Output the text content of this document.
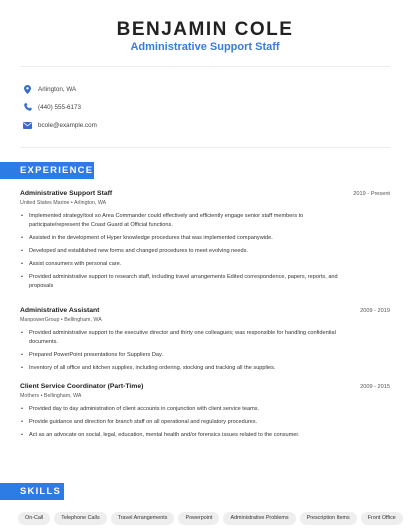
BENJAMIN COLE
Administrative Support Staff
Arlington, WA
(440) 555-6173
bcole@example.com
EXPERIENCE
Administrative Support Staff	2019 - Present
United States Marine • Arlington, WA
•	Implemented strategy/tool so Area Commander could effectively and efficiently engage senior staff members to
participate/represent the Coast Guard at Official functions.
•	Assisted in the development of Hyper knowledge procedures that was implemented companywide.
•	Developed and established new forms and changed procedures to meet evolving needs.
•	Assist consumers with personal care.
•	Provided administrative support to research staff, including travel arrangements Edited correspondence, papers, reports, and
proposals
Administrative Assistant	2009 - 2019
ManpowerGroup • Bellingham, WA
•	Provided administrative support to the executive director and thirty one colleagues; was responsible for handling confidential
documents.
•	Prepared PowerPoint presentations for Suppliers Day.
•	Inventory of all office and kitchen supplies, including ordering, stocking and tracking all the supplies.
Client Service Coordinator (Part-Time)	2009 - 2015
Mothers • Bellingham, WA
•	Provided day to day administration of client accounts in conjunction with client service teams.
•	Provide guidance and direction for branch staff on all operational and regulatory procedures.
•	Act as an advocate on social, legal, education, mental health and/or forensics issues related to the consumer.
SKILLS
On-Call	Telephone Calls	Travel Arrangements	Powerpoint	Administrative Problems	Prescription Items	Front Office
